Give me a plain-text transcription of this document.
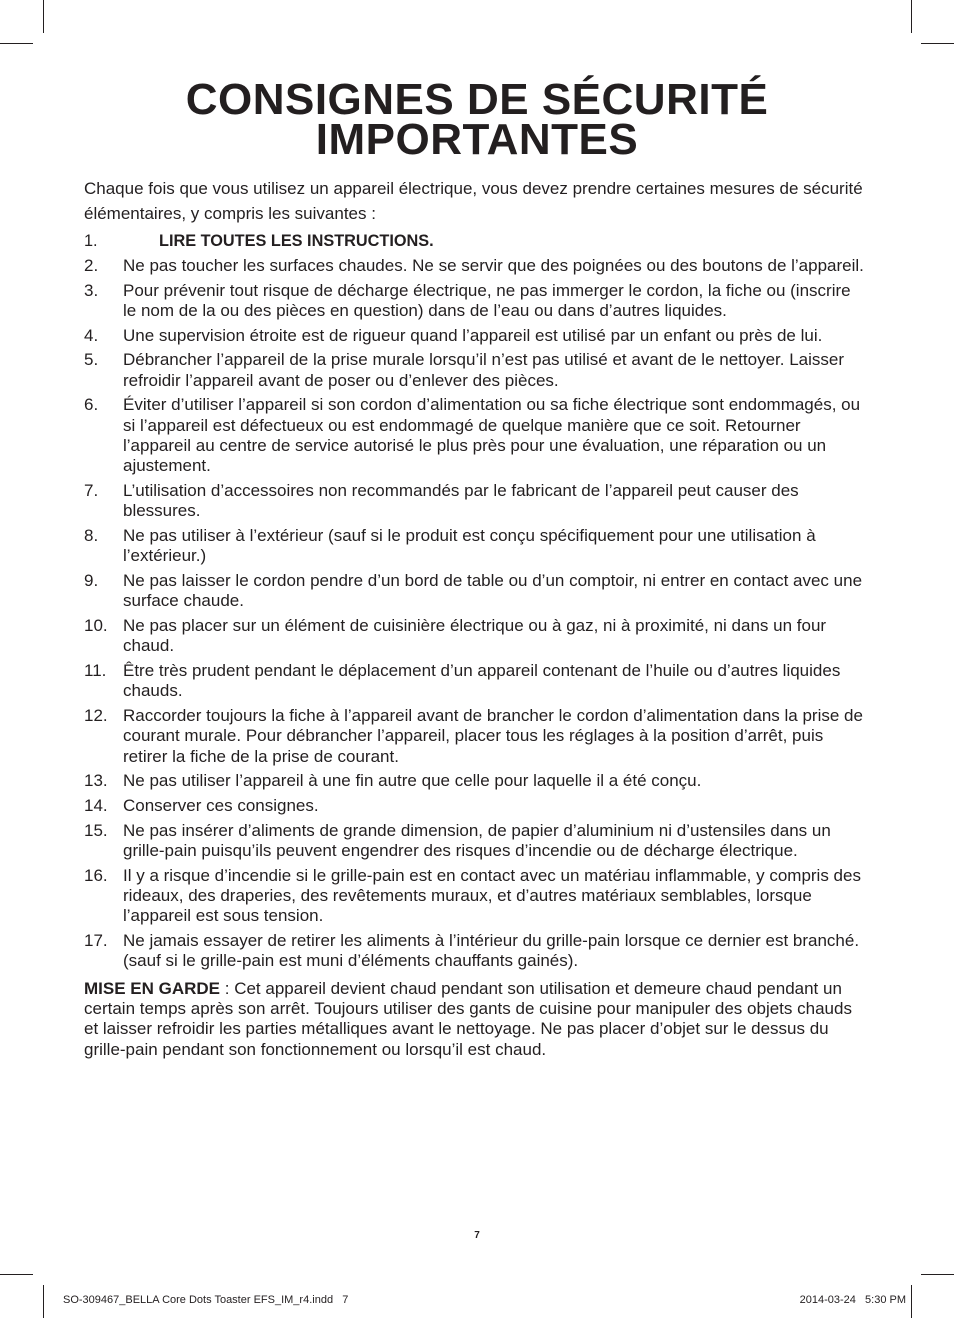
CONSIGNES DE SÉCURITÉ
IMPORTANTES

Chaque fois que vous utilisez un appareil électrique, vous devez prendre certaines mesures de sécurité élémentaires, y compris les suivantes :

1.	LIRE TOUTES LES INSTRUCTIONS.
2. Ne pas toucher les surfaces chaudes. Ne se servir que des poignées ou des boutons de l’appareil.
3. Pour prévenir tout risque de décharge électrique, ne pas immerger le cordon, la fiche ou (inscrire le nom de la ou des pièces en question) dans de l’eau ou dans d’autres liquides.
4. Une supervision étroite est de rigueur quand l’appareil est utilisé par un enfant ou près de lui.
5. Débrancher l’appareil de la prise murale lorsqu’il n’est pas utilisé et avant de le nettoyer. Laisser refroidir l’appareil avant de poser ou d’enlever des pièces.
6. Éviter d’utiliser l’appareil si son cordon d’alimentation ou sa fiche électrique sont endommagés, ou si l’appareil est défectueux ou est endommagé de quelque manière que ce soit. Retourner l’appareil au centre de service autorisé le plus près pour une évaluation, une réparation ou un ajustement.
7. L’utilisation d’accessoires non recommandés par le fabricant de l’appareil peut causer des blessures.
8. Ne pas utiliser à l’extérieur (sauf si le produit est conçu spécifiquement pour une utilisation à l’extérieur.)
9. Ne pas laisser le cordon pendre d’un bord de table ou d’un comptoir, ni entrer en contact avec une surface chaude.
10. Ne pas placer sur un élément de cuisinière électrique ou à gaz, ni à proximité, ni dans un four chaud.
11. Être très prudent pendant le déplacement d’un appareil contenant de l’huile ou d’autres liquides chauds.
12. Raccorder toujours la fiche à l’appareil avant de brancher le cordon d’alimentation dans la prise de courant murale. Pour débrancher l’appareil, placer tous les réglages à la position d’arrêt, puis retirer la fiche de la prise de courant.
13. Ne pas utiliser l’appareil à une fin autre que celle pour laquelle il a été conçu.
14. Conserver ces consignes.
15. Ne pas insérer d’aliments de grande dimension, de papier d’aluminium ni d’ustensiles dans un grille-pain puisqu’ils peuvent engendrer des risques d’incendie ou de décharge électrique.
16. Il y a risque d’incendie si le grille-pain est en contact avec un matériau inflammable, y compris des rideaux, des draperies, des revêtements muraux, et d’autres matériaux semblables, lorsque l’appareil est sous tension.
17. Ne jamais essayer de retirer les aliments à l’intérieur du grille-pain lorsque ce dernier est branché. (sauf si le grille-pain est muni d’éléments chauffants gainés).

MISE EN GARDE : Cet appareil devient chaud pendant son utilisation et demeure chaud pendant un certain temps après son arrêt. Toujours utiliser des gants de cuisine pour manipuler des objets chauds et laisser refroidir les parties métalliques avant le nettoyage. Ne pas placer d’objet sur le dessus du grille-pain pendant son fonctionnement ou lorsqu’il est chaud.

7
SO-309467_BELLA Core Dots Toaster EFS_IM_r4.indd   7	2014-03-24   5:30 PM
